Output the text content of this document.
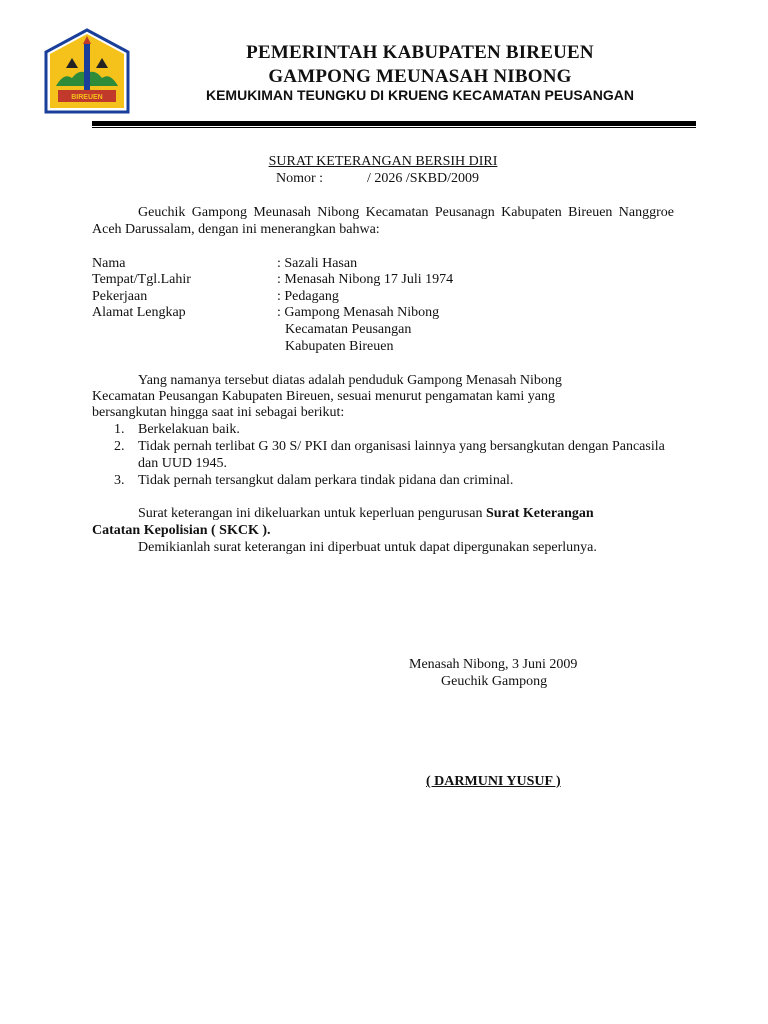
BIREUEN
PEMERINTAH KABUPATEN BIREUEN
GAMPONG MEUNASAH NIBONG
KEMUKIMAN TEUNGKU DI KRUENG KECAMATAN PEUSANGAN
SURAT KETERANGAN BERSIH DIRI
Nomor :	/ 2026 /SKBD/2009
Geuchik Gampong Meunasah Nibong Kecamatan Peusanagn Kabupaten Bireuen Nanggroe Aceh Darussalam, dengan ini menerangkan bahwa:
Nama	: Sazali Hasan
Tempat/Tgl.Lahir	: Menasah Nibong 17 Juli 1974
Pekerjaan	: Pedagang
Alamat Lengkap	: Gampong Menasah Nibong
Kecamatan Peusangan
Kabupaten Bireuen
Yang namanya tersebut diatas adalah penduduk Gampong Menasah Nibong
Kecamatan Peusangan Kabupaten Bireuen, sesuai menurut pengamatan kami yang
bersangkutan hingga saat ini sebagai berikut:
1. Berkelakuan baik.
2. Tidak pernah terlibat G 30 S/ PKI dan organisasi lainnya yang bersangkutan dengan Pancasila dan UUD 1945.
3. Tidak pernah tersangkut dalam perkara tindak pidana dan criminal.
Surat keterangan ini dikeluarkan untuk keperluan pengurusan Surat Keterangan
Catatan Kepolisian ( SKCK ).
Demikianlah surat keterangan ini diperbuat untuk dapat dipergunakan seperlunya.
Menasah Nibong, 3 Juni 2009
Geuchik Gampong
( DARMUNI YUSUF )
